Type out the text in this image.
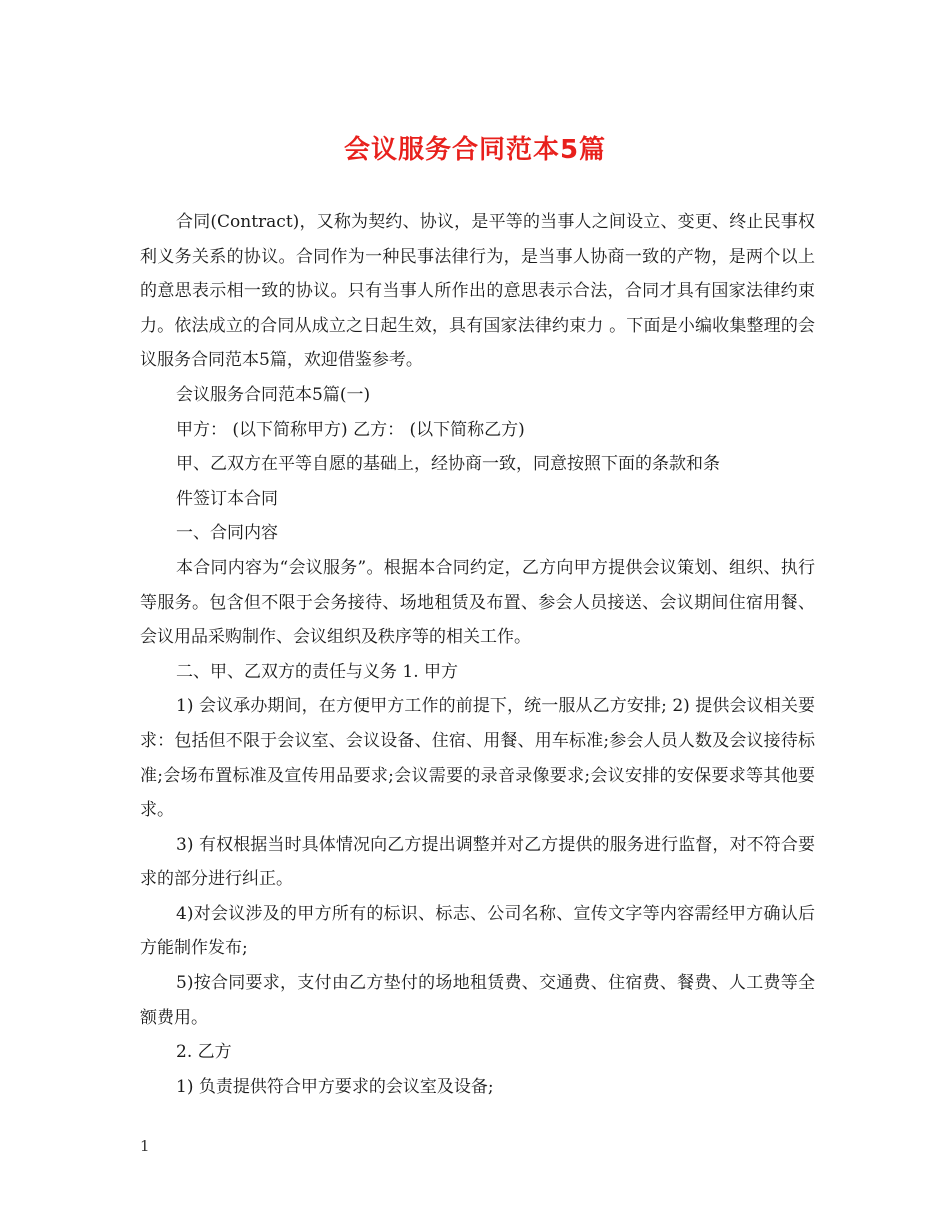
会议服务合同范本5篇

合同(Contract)，又称为契约、协议，是平等的当事人之间设立、变更、终止民事权利义务关系的协议。合同作为一种民事法律行为，是当事人协商一致的产物，是两个以上的意思表示相一致的协议。只有当事人所作出的意思表示合法，合同才具有国家法律约束力。依法成立的合同从成立之日起生效，具有国家法律约束力 。下面是小编收集整理的会议服务合同范本5篇，欢迎借鉴参考。

会议服务合同范本5篇(一)

甲方： (以下简称甲方) 乙方： (以下简称乙方)

甲、乙双方在平等自愿的基础上，经协商一致，同意按照下面的条款和条

件签订本合同

一、合同内容

本合同内容为“会议服务”。根据本合同约定，乙方向甲方提供会议策划、组织、执行等服务。包含但不限于会务接待、场地租赁及布置、参会人员接送、会议期间住宿用餐、会议用品采购制作、会议组织及秩序等的相关工作。

二、甲、乙双方的责任与义务 1. 甲方

1) 会议承办期间，在方便甲方工作的前提下，统一服从乙方安排; 2) 提供会议相关要求：包括但不限于会议室、会议设备、住宿、用餐、用车标准;参会人员人数及会议接待标准;会场布置标准及宣传用品要求;会议需要的录音录像要求;会议安排的安保要求等其他要求。

3) 有权根据当时具体情况向乙方提出调整并对乙方提供的服务进行监督，对不符合要求的部分进行纠正。

4)对会议涉及的甲方所有的标识、标志、公司名称、宣传文字等内容需经甲方确认后方能制作发布;

5)按合同要求，支付由乙方垫付的场地租赁费、交通费、住宿费、餐费、人工费等全额费用。

2. 乙方

1) 负责提供符合甲方要求的会议室及设备;

1
